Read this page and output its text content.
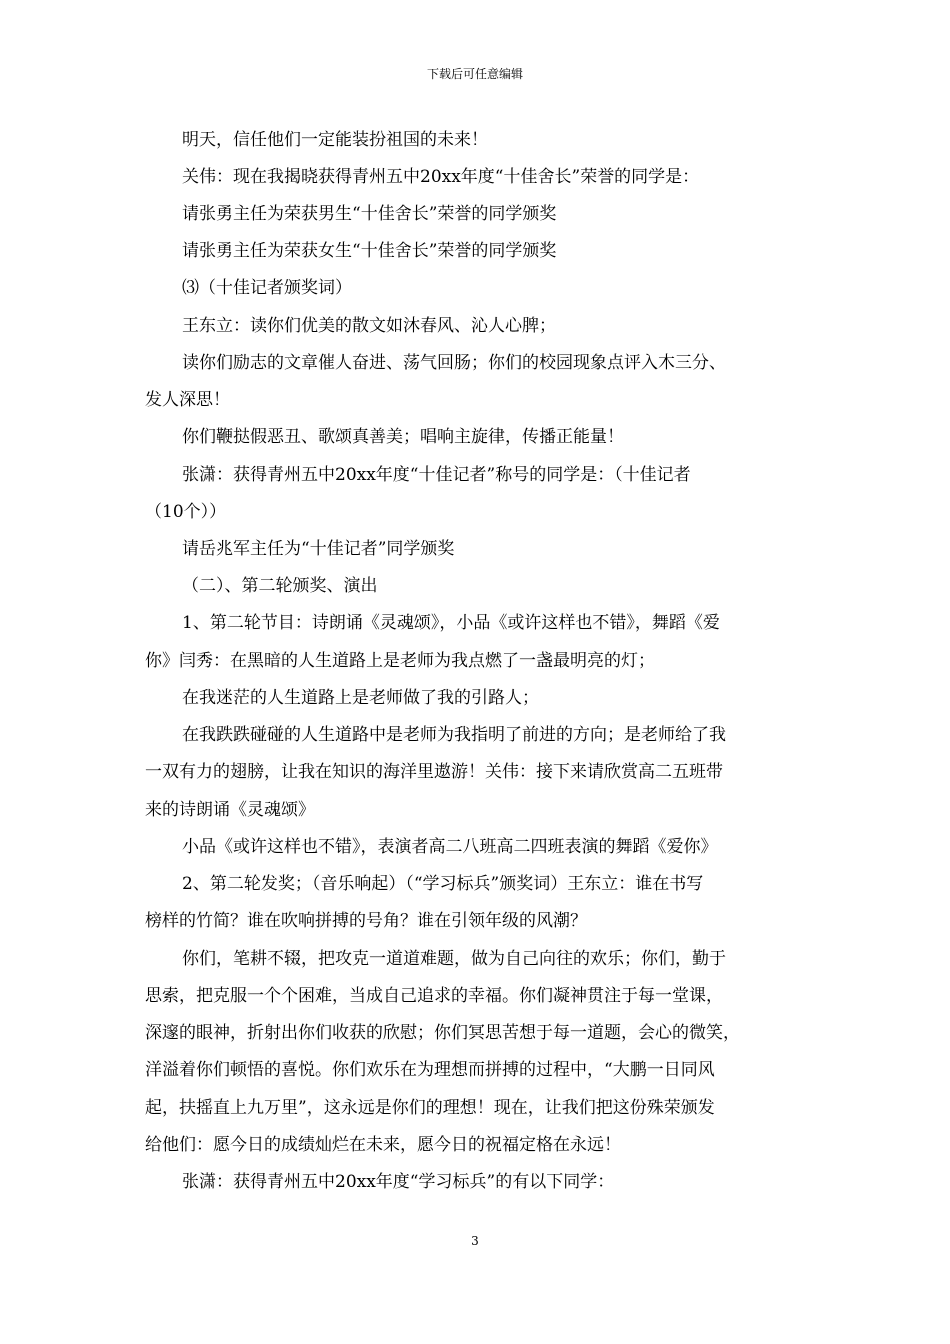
下载后可任意编辑
明天，信任他们一定能装扮祖国的未来！
关伟：现在我揭晓获得青州五中20xx年度“十佳舍长”荣誉的同学是：
请张勇主任为荣获男生“十佳舍长”荣誉的同学颁奖
请张勇主任为荣获女生“十佳舍长”荣誉的同学颁奖
⑶（十佳记者颁奖词）
王东立：读你们优美的散文如沐春风、沁人心脾；
读你们励志的文章催人奋进、荡气回肠；你们的校园现象点评入木三分、
发人深思！
你们鞭挞假恶丑、歌颂真善美；唱响主旋律，传播正能量！
张潇：获得青州五中20xx年度“十佳记者”称号的同学是：（十佳记者
（10个））
请岳兆军主任为“十佳记者”同学颁奖
（二）、第二轮颁奖、演出
1、第二轮节目：诗朗诵《灵魂颂》，小品《或许这样也不错》，舞蹈《爱
你》闫秀：在黑暗的人生道路上是老师为我点燃了一盏最明亮的灯；
在我迷茫的人生道路上是老师做了我的引路人；
在我跌跌碰碰的人生道路中是老师为我指明了前进的方向；是老师给了我
一双有力的翅膀，让我在知识的海洋里遨游！关伟：接下来请欣赏高二五班带
来的诗朗诵《灵魂颂》
小品《或许这样也不错》，表演者高二八班高二四班表演的舞蹈《爱你》
2、第二轮发奖；（音乐响起）（“学习标兵”颁奖词）王东立：谁在书写
榜样的竹简？谁在吹响拼搏的号角？谁在引领年级的风潮？
你们，笔耕不辍，把攻克一道道难题，做为自己向往的欢乐；你们，勤于
思索，把克服一个个困难，当成自己追求的幸福。你们凝神贯注于每一堂课，
深邃的眼神，折射出你们收获的欣慰；你们冥思苦想于每一道题，会心的微笑，
洋溢着你们顿悟的喜悦。你们欢乐在为理想而拼搏的过程中，“大鹏一日同风
起，扶摇直上九万里”，这永远是你们的理想！现在，让我们把这份殊荣颁发
给他们：愿今日的成绩灿烂在未来，愿今日的祝福定格在永远！
张潇：获得青州五中20xx年度“学习标兵”的有以下同学：
3
